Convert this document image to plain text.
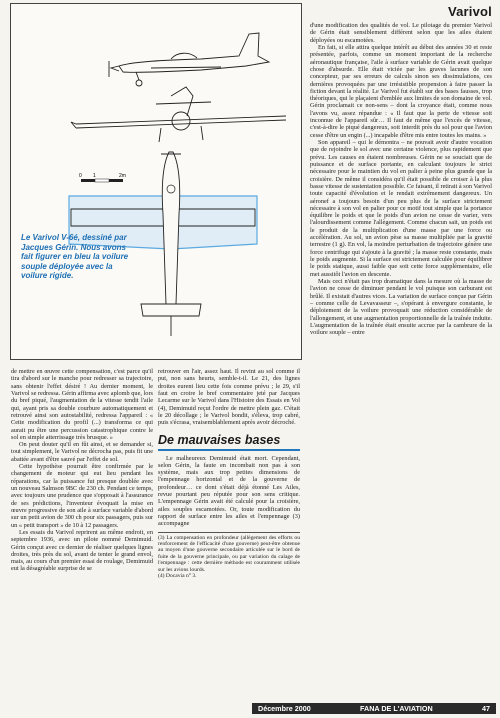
Varivol
0 1	2m
Le Varivol V-6é, dessiné par Jacques Gérin. Nous avons fait figurer en bleu la voilure souple déployée avec la voilure rigide.

de mettre en œuvre cette compensation, c'est parce qu'il tira d'abord sur le manche pour redresser sa trajectoire, sans obtenir l'effet désiré ! Au dernier moment, le Varivol se redressa. Gérin affirma avec aplomb que, lors du bref piqué, l'augmentation de la vitesse tendit l'aile qui, ayant pris sa double courbure automatiquement et retrouvé ainsi son autostabilité, redressa l'appareil : « Cette modification du profil (...) transforma ce qui aurait pu être une percussion catastrophique contre le sol en simple atterrissage très brusque. »

On peut douter qu'il en fût ainsi, et se demander si, tout simplement, le Varivol ne décrocha pas, puis fit une abattée avant d'être sauvé par l'effet de sol.

Cette hypothèse pourrait être confirmée par le changement de moteur qui eut lieu pendant les réparations, car la puissance fut presque doublée avec un nouveau Salmson 9BC de 230 ch. Pendant ce temps, avec toujours une prudence que s'opposait à l'assurance de ses prédictions, l'inventeur évoquait la mise en œuvre progressive de son aile à surface variable d'abord sur un petit avion de 300 ch pour six passagers, puis sur un « petit transport » de 10 à 12 passagers.

Les essais du Varivol reprirent au même endroit, en septembre 1936, avec un pilote nommé Demimuid. Gérin conçut avec ce dernier de réaliser quelques lignes droites, très près du sol, avant de tenter le grand envol, mais, au cours d'un premier essai de roulage, Demimuid eut la désagréable surprise de se

retrouver en l'air, assez haut. Il revint au sol comme il put, non sans heurts, semble-t-il. Le 21, des lignes droites eurent lieu cette fois comme prévu ; le 29, s'il faut en croire le bref commentaire jeté par Jacques Lecarme sur le Varivol dans l'Histoire des Essais en Vol (4), Demimuid reçut l'ordre de mettre plein gaz. C'était le 20 décollage ; le Varivol bondit, s'éleva, trop cabré, puis s'écrasa, vraisemblablement après avoir décroché.

De mauvaises bases

Le malheureux Demimuid était mort. Cependant, selon Gérin, la faute en incombait non pas à son système, mais aux trop petites dimensions de l'empennage horizontal et de la gouverne de profondeur… ce dont s'était déjà étonné Les Ailes, revue pourtant peu réputée pour son sens critique. L'empennage Gérin avait été calculé pour la croisière, ailes souples escamotées. Or, toute modification du rapport de surface entre les ailes et l'empennage (3) accompagne

(3) La compensation en profondeur (allègement des efforts ou renforcement de l'efficacité d'une gouverne) peut-être obtenue au moyen d'une gouverne secondaire articulée sur le bord de fuite de la gouverne principale, ou par variation du calage de l'empennage : cette dernière méthode est couramment utilisée sur les avions lourds.

(4) Docavia n° 3.

d'une modification des qualités de vol. Le pilotage du premier Varivol de Gérin était sensiblement différent selon que les ailes étaient déployées ou escamotées.

En fait, si elle attira quelque intérêt au début des années 30 et reste présentée, parfois, comme un moment important de la recherche aéronautique française, l'aile à surface variable de Gérin avait quelque chose d'absurde. Elle était viciée par les graves lacunes de son concepteur, par ses erreurs de calculs sinon ses dissimulations, ces dernières provoquées par une irrésistible propension à faire passer la fiction devant la réalité. Le Varivol fut établi sur des bases fausses, trop théoriques, qui le plaçaient d'emblée aux limites de son domaine de vol. Gérin proclamait ce non-sens – dont la croyance était, comme nous l'avons vu, assez répandue : « Il faut que la perte de vitesse soit inconnue de l'appareil sûr… Il faut de même que l'excès de vitesse, c'est-à-dire le piqué dangereux, soit interdit près du sol pour que l'avion cesse d'être un engin (...) incapable d'être mis entre toutes les mains. »

Son appareil – qui le démontra – ne pouvait avoir d'autre vocation que de rejoindre le sol avec une certaine violence, plus rapidement que prévu. Les causes en étaient nombreuses. Gérin ne se souciait que de puissance et de surface portante, en calculant toujours le strict nécessaire pour le maintien du vol en palier à peine plus grande que la croisière. De même il considéra qu'il était possible de croiser à la plus basse vitesse de sustentation possible. Ce faisant, il retirait à son Varivol toute capacité d'évolution et le rendait extrêmement dangereux. Un aéronef a toujours besoin d'un peu plus de la surface strictement nécessaire à son vol en palier pour ce motif tout simple que la portance équilibre le poids et que le poids d'un avion ne cesse de varier, vers l'alourdissement comme l'allègement. Comme chacun sait, un poids est le produit de la multiplication d'une masse par une force ou accélération. Au sol, un avion pèse sa masse multipliée par la gravité terrestre (1 g). En vol, la moindre perturbation de trajectoire génère une force centrifuge qui s'ajoute à la gravité ; la masse reste constante, mais le poids augmente. Si la surface est strictement calculée pour équilibrer le poids statique, aussi faible que soit cette force supplémentaire, elle met aussitôt l'avion en descente.

Mais ceci n'était pas trop dramatique dans la mesure où la masse de l'avion ne cesse de diminuer pendant le vol puisque son carburant est brûlé. Il existait d'autres vices. La variation de surface conçue par Gérin – comme celle de Levavasseur –, s'opérant à envergure constante, le déploiement de la voilure provoquait une réduction considérable de l'allongement, et une augmentation proportionnelle de la traînée induite. L'augmentation de la traînée était ensuite accrue par la cambrure de la voilure souple – entre

Décembre 2000	FANA DE L'AVIATION	47
